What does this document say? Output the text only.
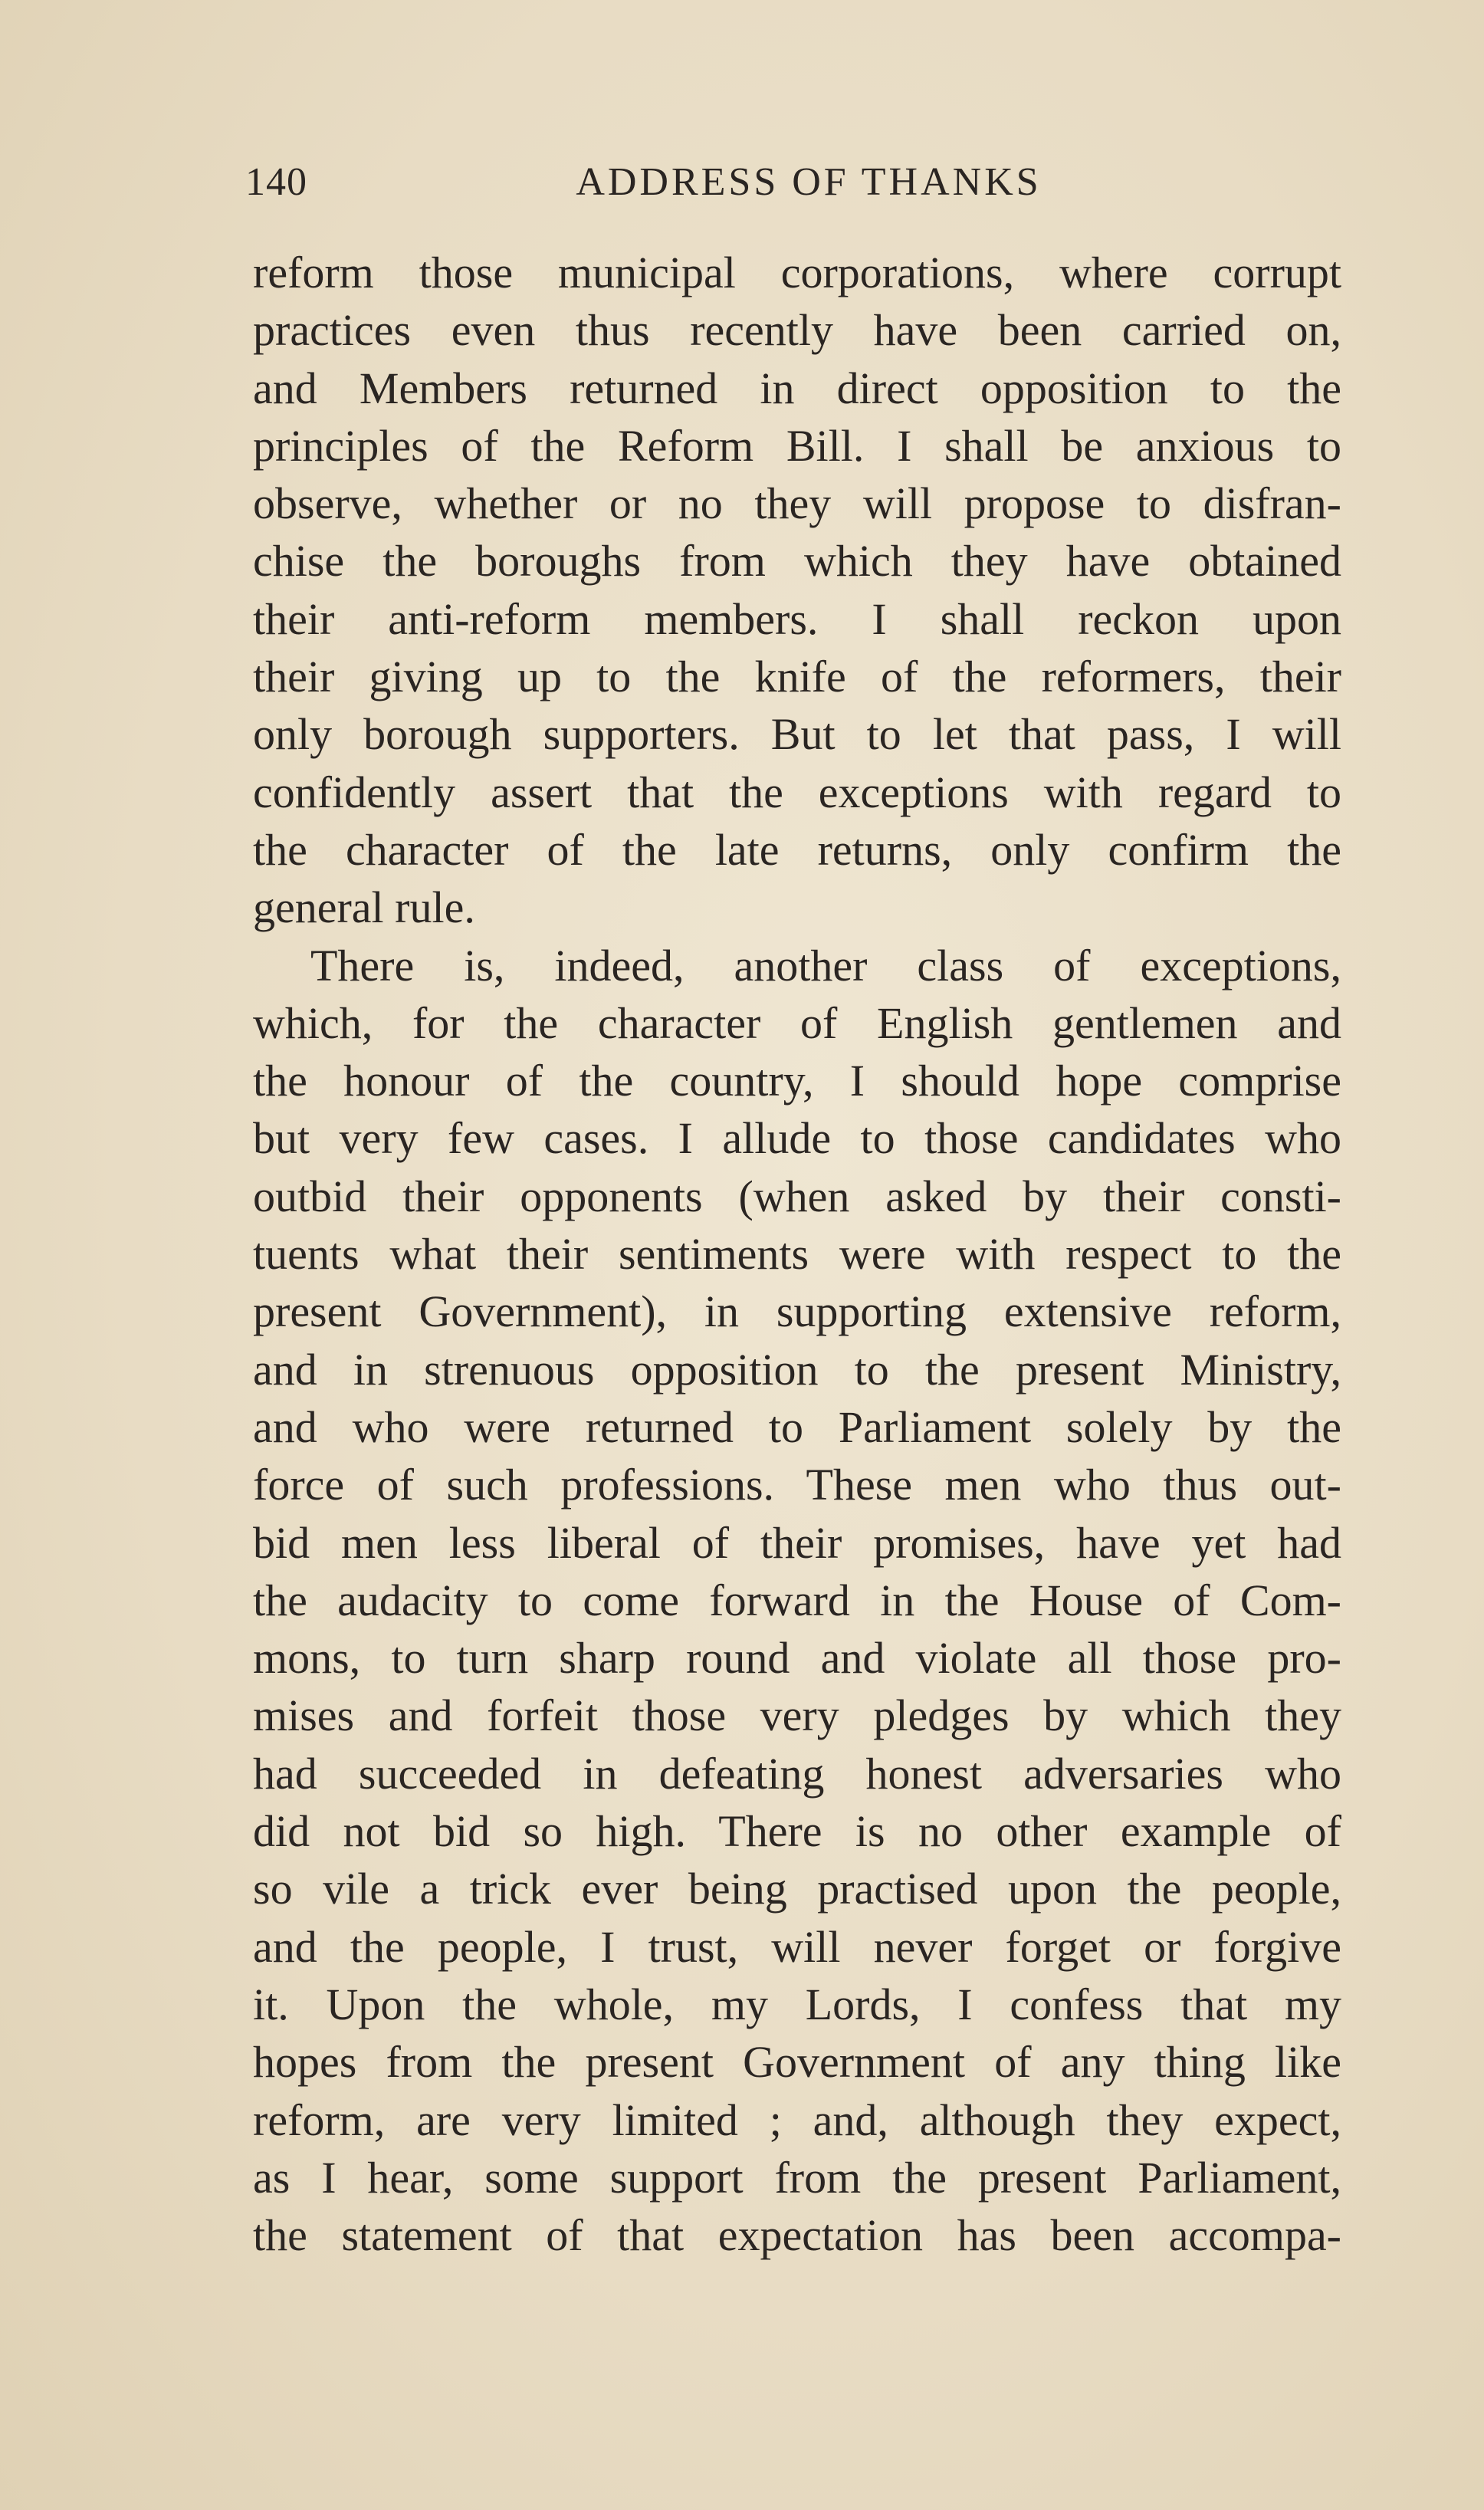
140	ADDRESS OF THANKS
reform those municipal corporations, where corrupt
practices even thus recently have been carried on,
and Members returned in direct opposition to the
principles of the Reform Bill. I shall be anxious to
observe, whether or no they will propose to disfran-
chise the boroughs from which they have obtained
their anti-reform members. I shall reckon upon
their giving up to the knife of the reformers, their
only borough supporters. But to let that pass, I will
confidently assert that the exceptions with regard to
the character of the late returns, only confirm the
general rule.
There is, indeed, another class of exceptions,
which, for the character of English gentlemen and
the honour of the country, I should hope comprise
but very few cases. I allude to those candidates who
outbid their opponents (when asked by their consti-
tuents what their sentiments were with respect to the
present Government), in supporting extensive reform,
and in strenuous opposition to the present Ministry,
and who were returned to Parliament solely by the
force of such professions. These men who thus out-
bid men less liberal of their promises, have yet had
the audacity to come forward in the House of Com-
mons, to turn sharp round and violate all those pro-
mises and forfeit those very pledges by which they
had succeeded in defeating honest adversaries who
did not bid so high. There is no other example of
so vile a trick ever being practised upon the people,
and the people, I trust, will never forget or forgive
it. Upon the whole, my Lords, I confess that my
hopes from the present Government of any thing like
reform, are very limited ; and, although they expect,
as I hear, some support from the present Parliament,
the statement of that expectation has been accompa-
